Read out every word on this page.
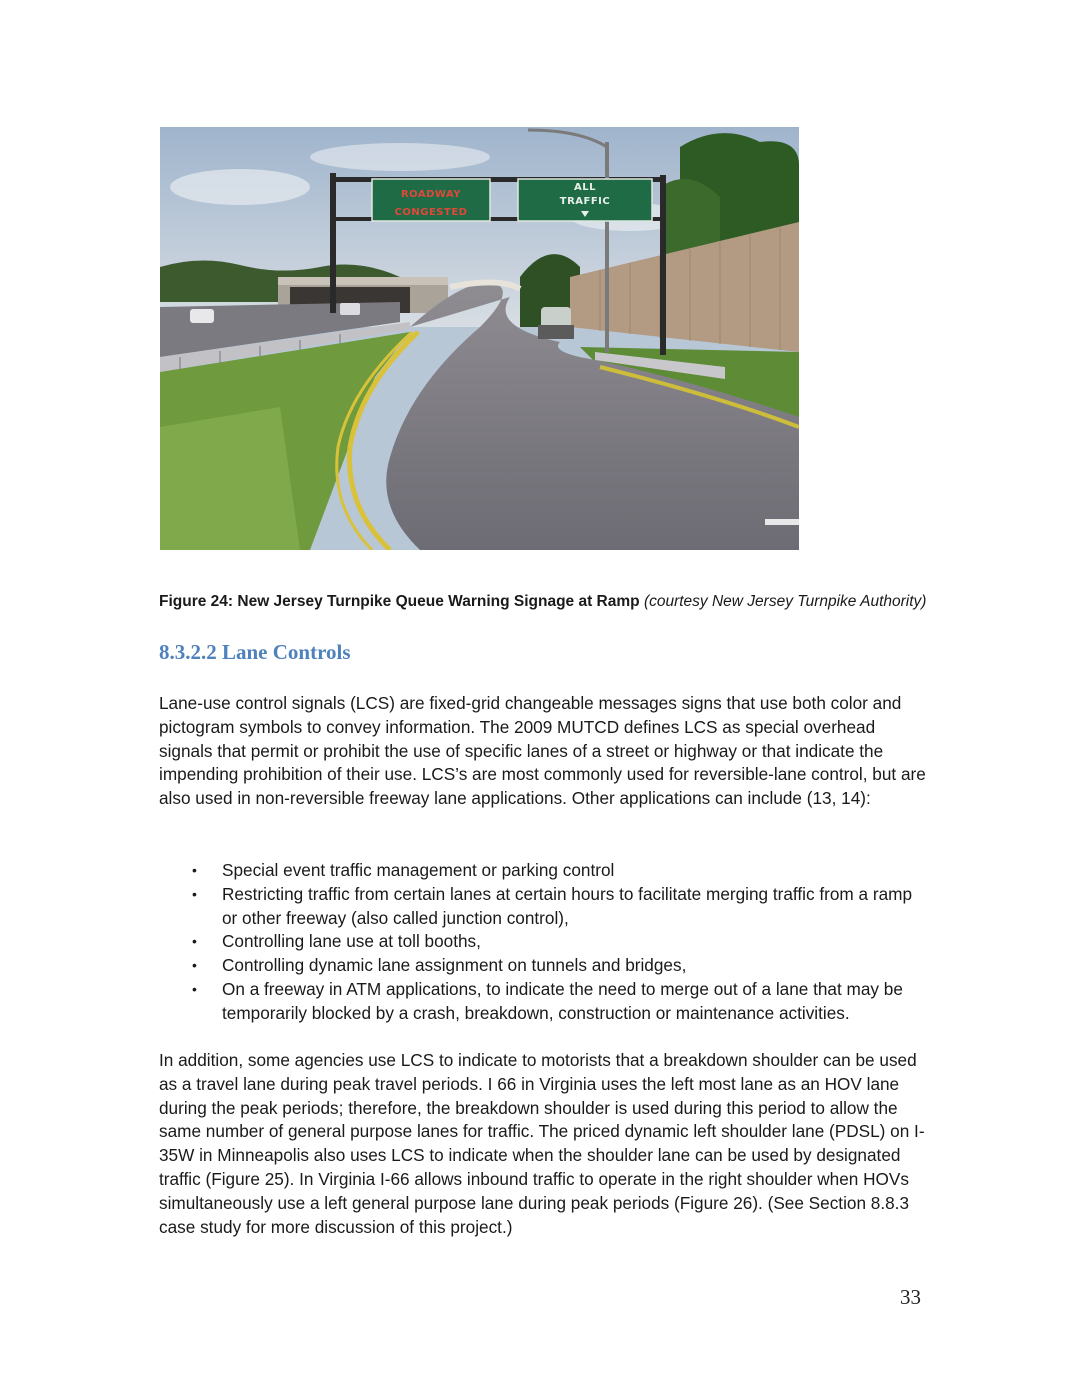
ROADWAY
CONGESTED
ALL
TRAFFIC

Figure 24: New Jersey Turnpike Queue Warning Signage at Ramp (courtesy New Jersey Turnpike Authority)

8.3.2.2 Lane Controls

Lane-use control signals (LCS) are fixed-grid changeable messages signs that use both color and pictogram symbols to convey information. The 2009 MUTCD defines LCS as special overhead signals that permit or prohibit the use of specific lanes of a street or highway or that indicate the impending prohibition of their use. LCS’s are most commonly used for reversible-lane control, but are also used in non-reversible freeway lane applications. Other applications can include (13, 14):

• Special event traffic management or parking control
• Restricting traffic from certain lanes at certain hours to facilitate merging traffic from a ramp or other freeway (also called junction control),
• Controlling lane use at toll booths,
• Controlling dynamic lane assignment on tunnels and bridges,
• On a freeway in ATM applications, to indicate the need to merge out of a lane that may be temporarily blocked by a crash, breakdown, construction or maintenance activities.

In addition, some agencies use LCS to indicate to motorists that a breakdown shoulder can be used as a travel lane during peak travel periods. I 66 in Virginia uses the left most lane as an HOV lane during the peak periods; therefore, the breakdown shoulder is used during this period to allow the same number of general purpose lanes for traffic. The priced dynamic left shoulder lane (PDSL) on I-35W in Minneapolis also uses LCS to indicate when the shoulder lane can be used by designated traffic (Figure 25). In Virginia I-66 allows inbound traffic to operate in the right shoulder when HOVs simultaneously use a left general purpose lane during peak periods (Figure 26). (See Section 8.8.3 case study for more discussion of this project.)

33
